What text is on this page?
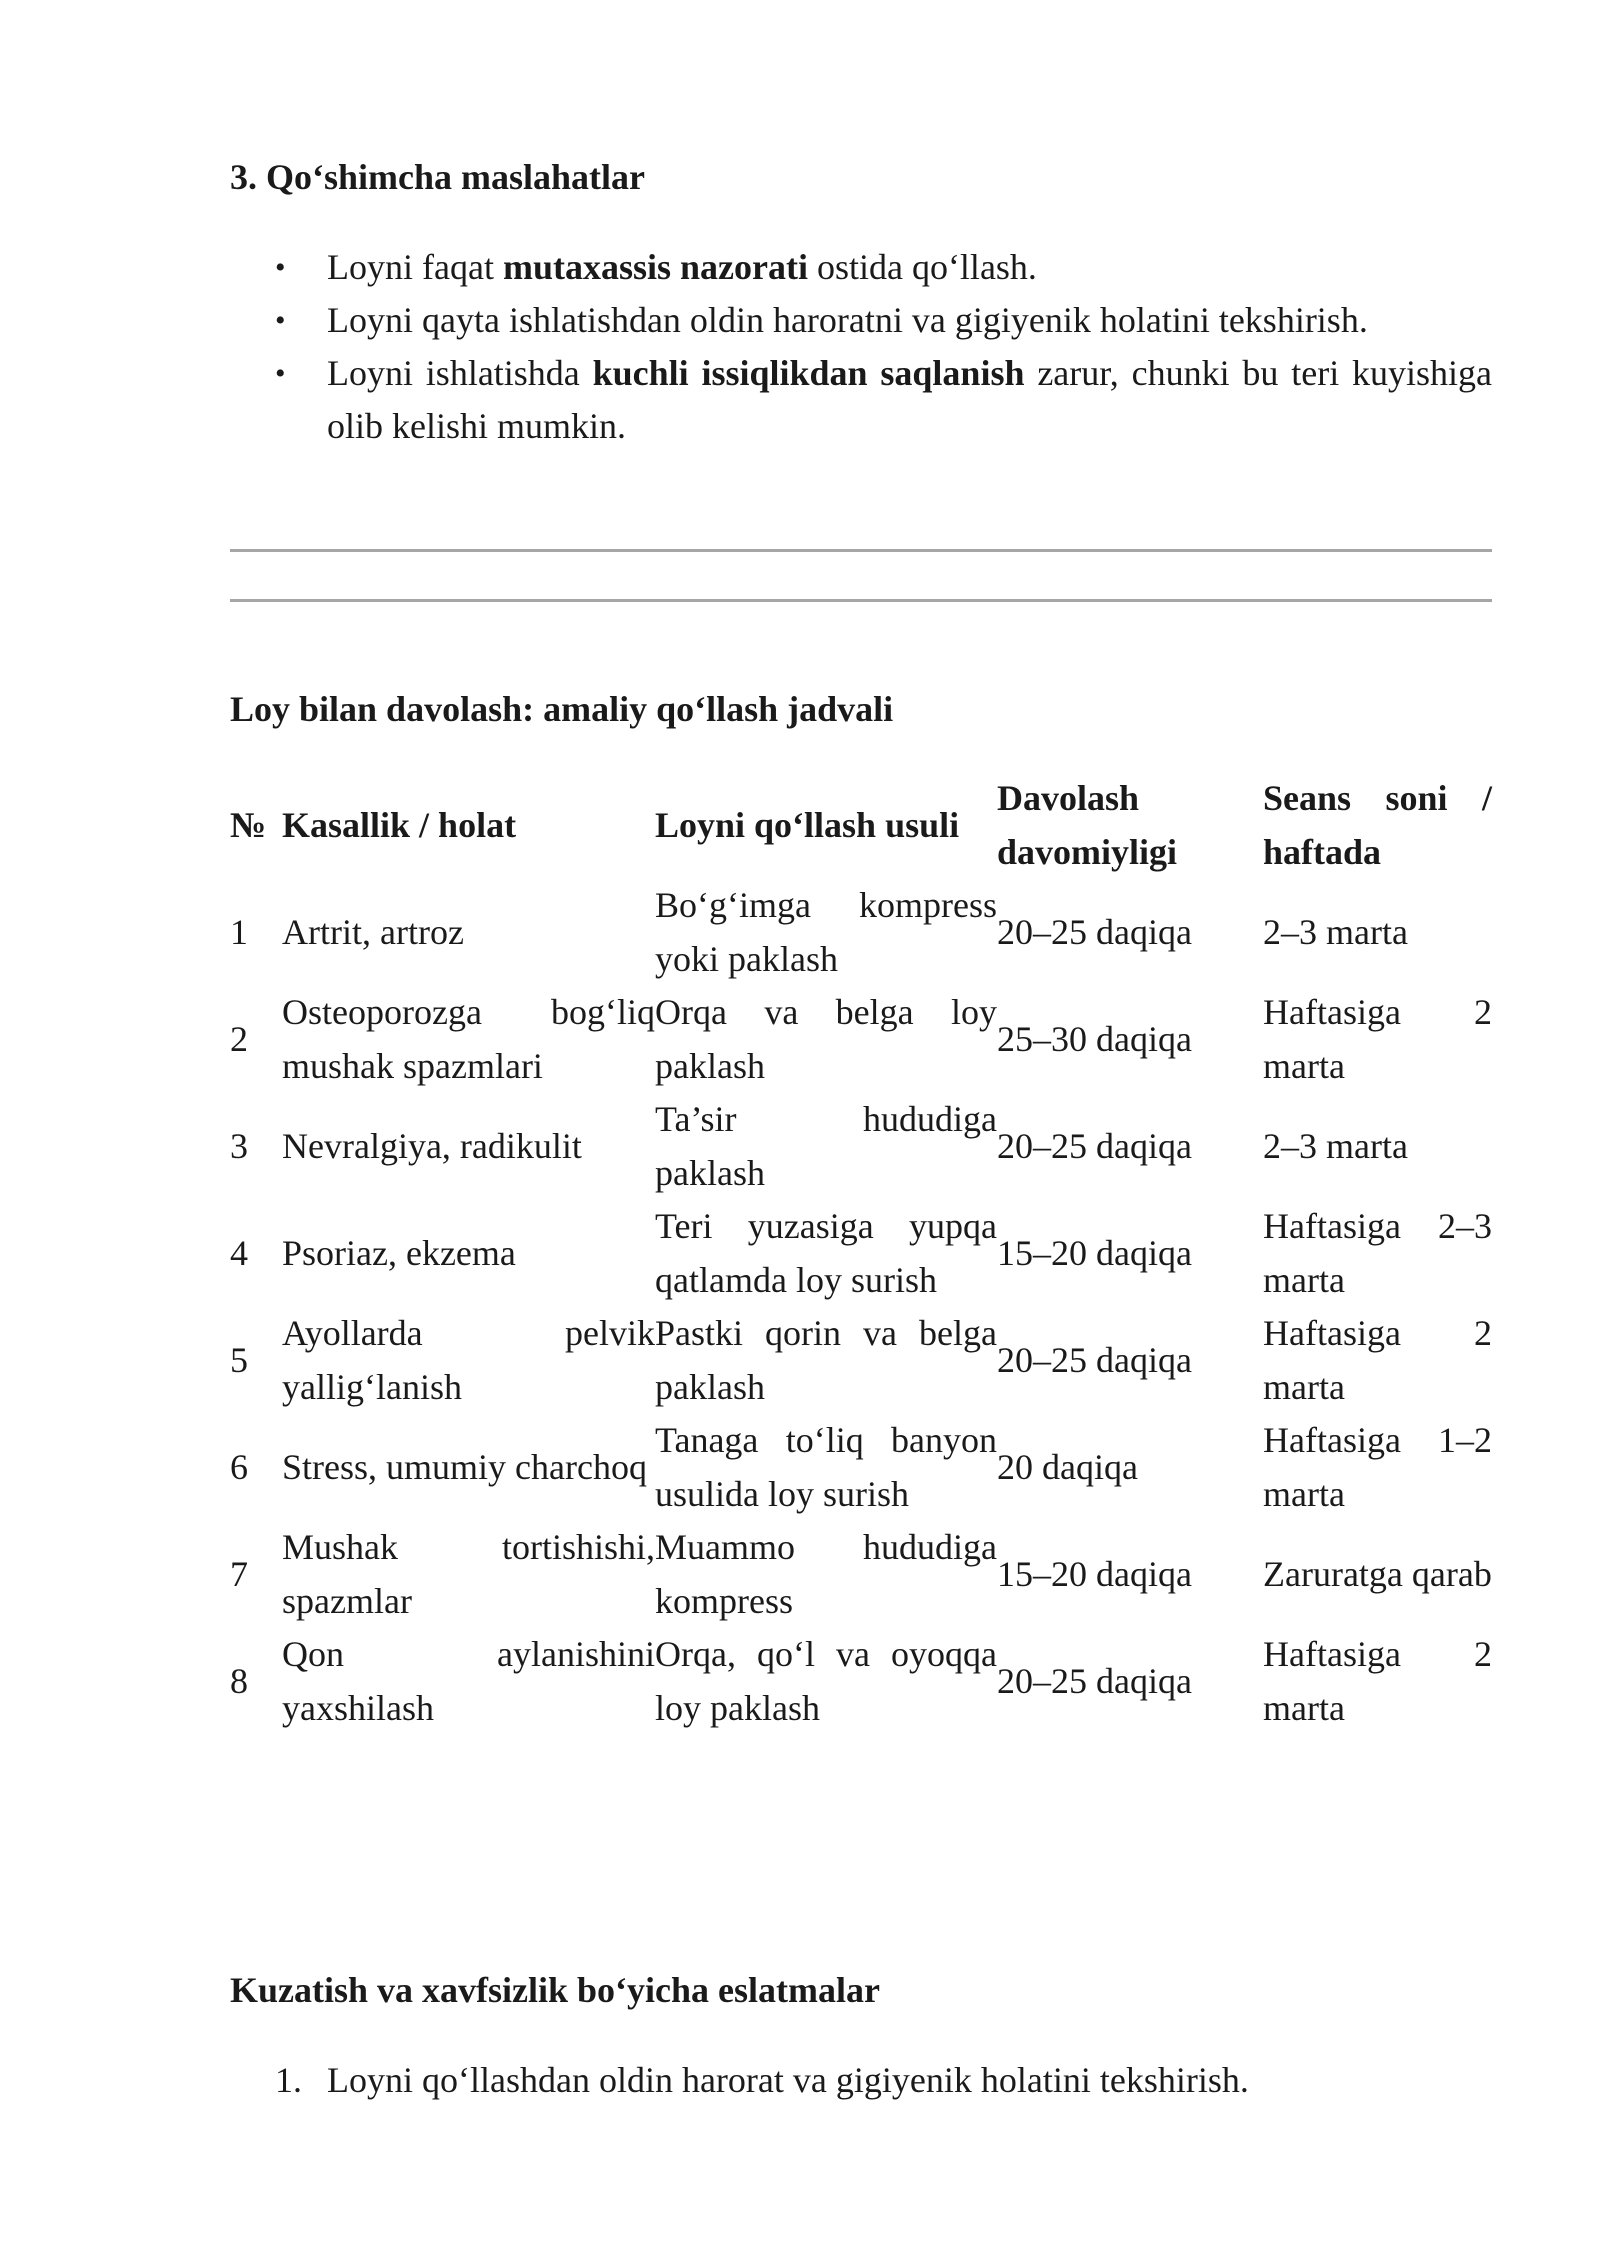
3. Qo‘shimcha maslahatlar
• Loyni faqat mutaxassis nazorati ostida qo‘llash.
• Loyni qayta ishlatishdan oldin haroratni va gigiyenik holatini tekshirish.
• Loyni ishlatishda kuchli issiqlikdan saqlanish zarur, chunki bu teri kuyishiga olib kelishi mumkin.
Loy bilan davolash: amaliy qo‘llash jadvali
№	Kasallik / holat	Loyni qo‘llash usuli	Davolash davomiyligi	Seans soni / haftada
1	Artrit, artroz	Bo‘g‘imga kompress yoki paklash	20–25 daqiqa	2–3 marta
2	Osteoporozga bog‘liq mushak spazmlari	Orqa va belga loy paklash	25–30 daqiqa	Haftasiga 2 marta
3	Nevralgiya, radikulit	Ta’sir hududiga paklash	20–25 daqiqa	2–3 marta
4	Psoriaz, ekzema	Teri yuzasiga yupqa qatlamda loy surish	15–20 daqiqa	Haftasiga 2–3 marta
5	Ayollarda pelvik yallig‘lanish	Pastki qorin va belga paklash	20–25 daqiqa	Haftasiga 2 marta
6	Stress, umumiy charchoq	Tanaga to‘liq banyon usulida loy surish	20 daqiqa	Haftasiga 1–2 marta
7	Mushak tortishishi, spazmlar	Muammo hududiga kompress	15–20 daqiqa	Zaruratga qarab
8	Qon aylanishini yaxshilash	Orqa, qo‘l va oyoqqa loy paklash	20–25 daqiqa	Haftasiga 2 marta
Kuzatish va xavfsizlik bo‘yicha eslatmalar
1. Loyni qo‘llashdan oldin harorat va gigiyenik holatini tekshirish.
